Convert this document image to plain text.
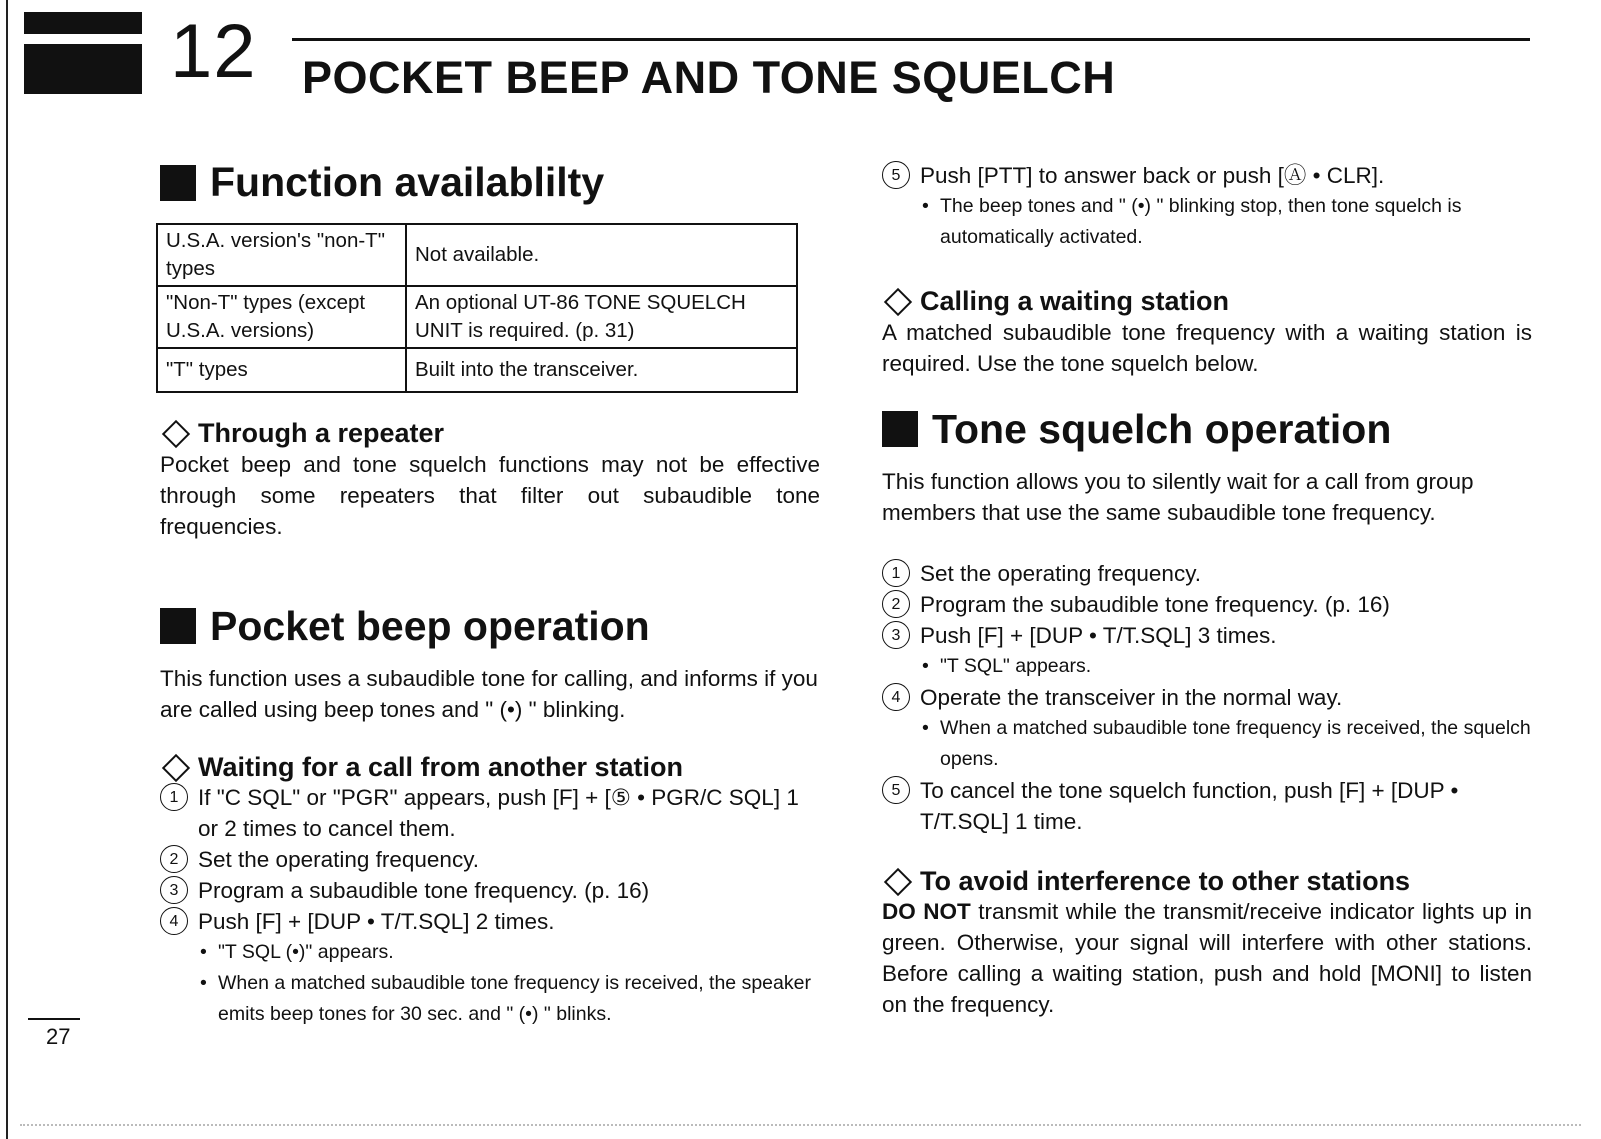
12 POCKET BEEP AND TONE SQUELCH
Function availablilty
U.S.A. version's "non-T" types	Not available.
"Non-T" types (except U.S.A. versions)	An optional UT-86 TONE SQUELCH UNIT is required. (p. 31)
"T" types	Built into the transceiver.
Through a repeater

Pocket beep and tone squelch functions may not be effective through some repeaters that filter out subaudible tone frequencies.

Pocket beep operation

This function uses a subaudible tone for calling, and informs if you are called using beep tones and " (•) " blinking.

Waiting for a call from another station
1 If "C SQL" or "PGR" appears, push [F] + [⑤ • PGR/C SQL] 1 or 2 times to cancel them.
2 Set the operating frequency.
3 Program a subaudible tone frequency. (p. 16)
4 Push [F] + [DUP • T/T.SQL] 2 times.
• "T SQL (•)" appears.
• When a matched subaudible tone frequency is received, the speaker emits beep tones for 30 sec. and " (•) " blinks.
5 Push [PTT] to answer back or push [Ⓐ • CLR].
• The beep tones and " (•) " blinking stop, then tone squelch is automatically activated.
Calling a waiting station

A matched subaudible tone frequency with a waiting station is required. Use the tone squelch below.

Tone squelch operation

This function allows you to silently wait for a call from group members that use the same subaudible tone frequency.

1 Set the operating frequency.
2 Program the subaudible tone frequency. (p. 16)
3 Push [F] + [DUP • T/T.SQL] 3 times.
• "T SQL" appears.
4 Operate the transceiver in the normal way.
• When a matched subaudible tone frequency is received, the squelch opens.
5 To cancel the tone squelch function, push [F] + [DUP • T/T.SQL] 1 time.
To avoid interference to other stations

DO NOT transmit while the transmit/receive indicator lights up in green. Otherwise, your signal will interfere with other stations. Before calling a waiting station, push and hold [MONI] to listen on the frequency.

27
